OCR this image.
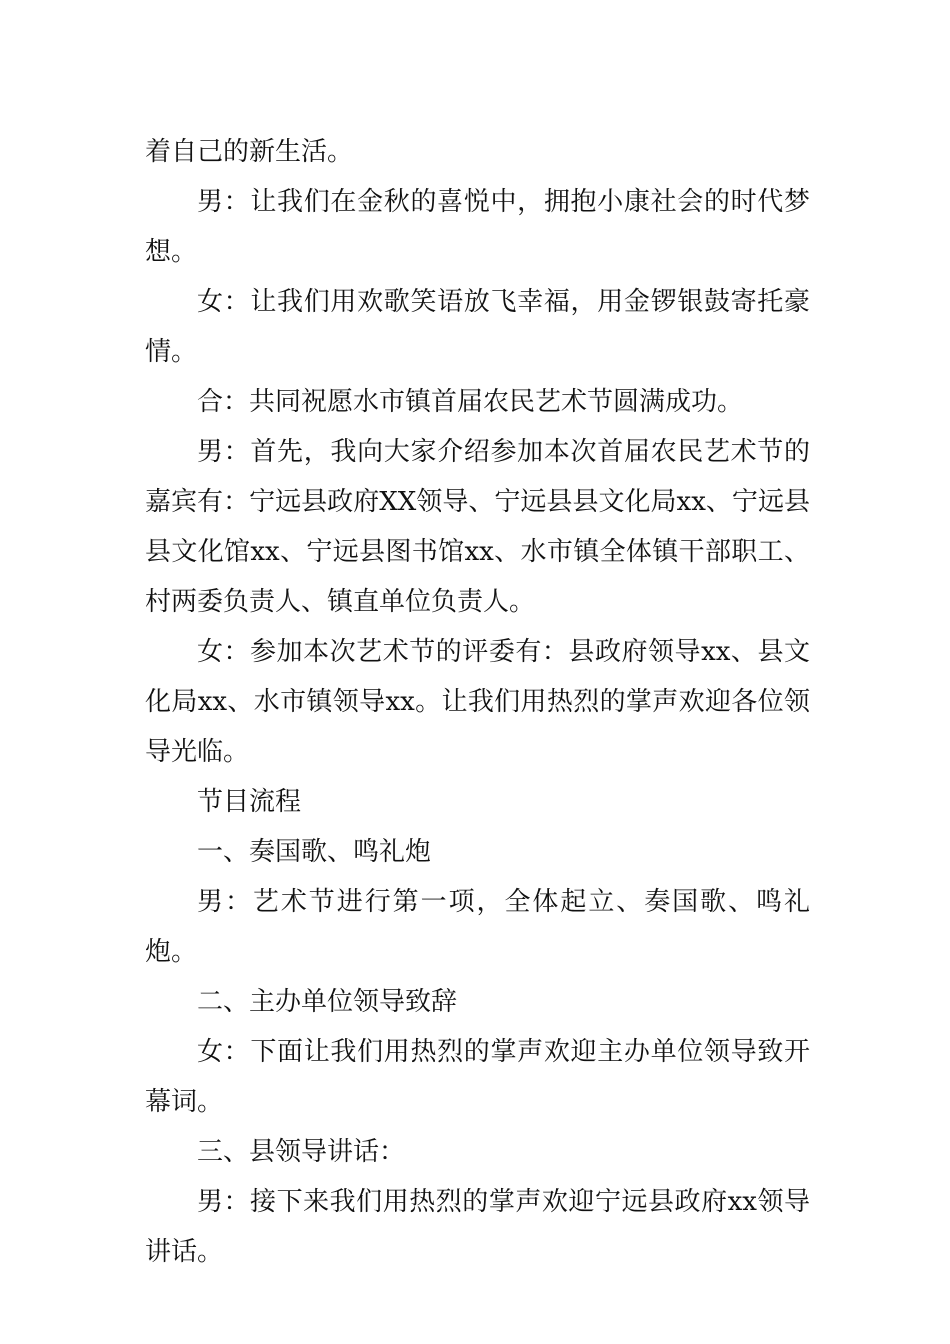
着自己的新生活。

男：让我们在金秋的喜悦中，拥抱小康社会的时代梦想。

女：让我们用欢歌笑语放飞幸福，用金锣银鼓寄托豪情。

合：共同祝愿水市镇首届农民艺术节圆满成功。

男：首先，我向大家介绍参加本次首届农民艺术节的嘉宾有：宁远县政府XX领导、宁远县县文化局xx、宁远县县文化馆xx、宁远县图书馆xx、水市镇全体镇干部职工、村两委负责人、镇直单位负责人。

女：参加本次艺术节的评委有：县政府领导xx、县文化局xx、水市镇领导xx。让我们用热烈的掌声欢迎各位领导光临。

节目流程

一、奏国歌、鸣礼炮

男：艺术节进行第一项，全体起立、奏国歌、鸣礼炮。

二、主办单位领导致辞

女：下面让我们用热烈的掌声欢迎主办单位领导致开幕词。

三、县领导讲话：

男：接下来我们用热烈的掌声欢迎宁远县政府xx领导讲话。
